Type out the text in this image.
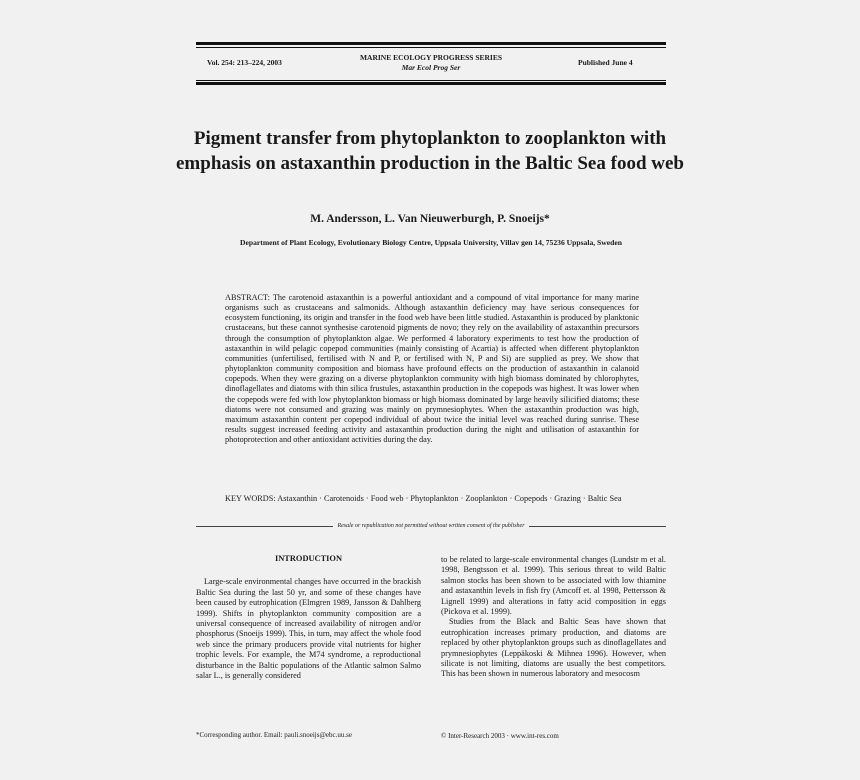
Vol. 254: 213–224, 2003
MARINE ECOLOGY PROGRESS SERIES
Mar Ecol Prog Ser
Published June 4
Pigment transfer from phytoplankton to zooplankton with emphasis on astaxanthin production in the Baltic Sea food web
M. Andersson, L. Van Nieuwerburgh, P. Snoeijs*
Department of Plant Ecology, Evolutionary Biology Centre, Uppsala University, Villav gen 14, 75236 Uppsala, Sweden
ABSTRACT: The carotenoid astaxanthin is a powerful antioxidant and a compound of vital importance for many marine organisms such as crustaceans and salmonids. Although astaxanthin deficiency may have serious consequences for ecosystem functioning, its origin and transfer in the food web have been little studied. Astaxanthin is produced by planktonic crustaceans, but these cannot synthesise carotenoid pigments de novo; they rely on the availability of astaxanthin precursors through the consumption of phytoplankton algae. We performed 4 laboratory experiments to test how the production of astaxanthin in wild pelagic copepod communities (mainly consisting of Acartia) is affected when different phytoplankton communities (unfertilised, fertilised with N and P, or fertilised with N, P and Si) are supplied as prey. We show that phytoplankton community composition and biomass have profound effects on the production of astaxanthin in calanoid copepods. When they were grazing on a diverse phytoplankton community with high biomass dominated by chlorophytes, dinoflagellates and diatoms with thin silica frustules, astaxanthin production in the copepods was highest. It was lower when the copepods were fed with low phytoplankton biomass or high biomass dominated by large heavily silicified diatoms; these diatoms were not consumed and grazing was mainly on prymnesiophytes. When the astaxanthin production was high, maximum astaxanthin content per copepod individual of about twice the initial level was reached during sunrise. These results suggest increased feeding activity and astaxanthin production during the night and utilisation of astaxanthin for photoprotection and other antioxidant activities during the day.
KEY WORDS: Astaxanthin · Carotenoids · Food web · Phytoplankton · Zooplankton · Copepods · Grazing · Baltic Sea
Resale or republication not permitted without written consent of the publisher
INTRODUCTION

Large-scale environmental changes have occurred in the brackish Baltic Sea during the last 50 yr, and some of these changes have been caused by eutrophication (Elmgren 1989, Jansson & Dahlberg 1999). Shifts in phytoplankton community composition are a universal consequence of increased availability of nitrogen and/or phosphorus (Snoeijs 1999). This, in turn, may affect the whole food web since the primary producers provide vital nutrients for higher trophic levels. For example, the M74 syndrome, a reproductional disturbance in the Baltic populations of the Atlantic salmon Salmo salar L., is generally considered

to be related to large-scale environmental changes (Lundstr m et al. 1998, Bengtsson et al. 1999). This serious threat to wild Baltic salmon stocks has been shown to be associated with low thiamine and astaxanthin levels in fish fry (Amcoff et. al 1998, Pettersson & Lignell 1999) and alterations in fatty acid composition in eggs (Pickova et al. 1999).

Studies from the Black and Baltic Seas have shown that eutrophication increases primary production, and diatoms are replaced by other phytoplankton groups such as dinoflagellates and prymnesiophytes (Leppäkoski & Mihnea 1996). However, when silicate is not limiting, diatoms are usually the best competitors. This has been shown in numerous laboratory and mesocosm

*Corresponding author. Email: pauli.snoeijs@ebc.uu.se	© Inter-Research 2003 · www.int-res.com
